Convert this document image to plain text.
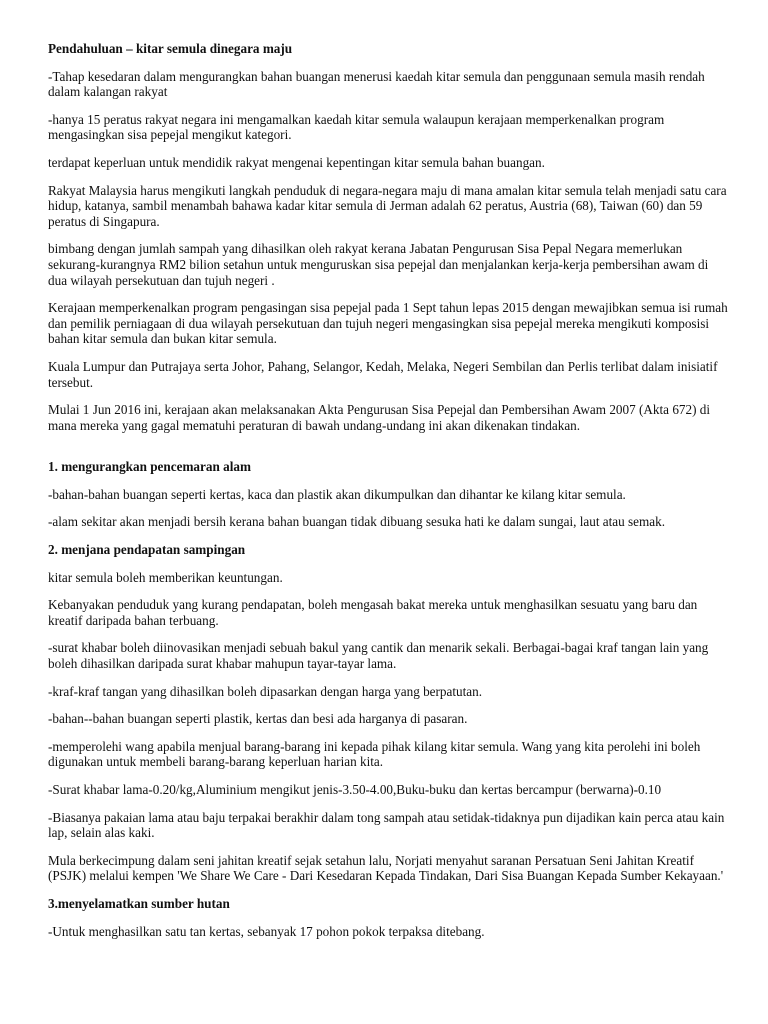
Pendahuluan – kitar semula dinegara maju

-Tahap kesedaran dalam mengurangkan bahan buangan menerusi kaedah kitar semula dan penggunaan semula masih rendah dalam kalangan rakyat

-hanya 15 peratus rakyat negara ini mengamalkan kaedah kitar semula walaupun kerajaan memperkenalkan program mengasingkan sisa pepejal mengikut kategori.

terdapat keperluan untuk mendidik rakyat mengenai kepentingan kitar semula bahan buangan.

Rakyat Malaysia harus mengikuti langkah penduduk di negara-negara maju di mana amalan kitar semula telah menjadi satu cara hidup, katanya, sambil menambah bahawa kadar kitar semula di Jerman adalah 62 peratus, Austria (68), Taiwan (60) dan 59 peratus di Singapura.

bimbang dengan jumlah sampah yang dihasilkan oleh rakyat kerana Jabatan Pengurusan Sisa Pepal Negara memerlukan sekurang-kurangnya RM2 bilion setahun untuk menguruskan sisa pepejal dan menjalankan kerja-kerja pembersihan awam di dua wilayah persekutuan dan tujuh negeri .

Kerajaan memperkenalkan program pengasingan sisa pepejal pada 1 Sept tahun lepas 2015 dengan mewajibkan semua isi rumah dan pemilik perniagaan di dua wilayah persekutuan dan tujuh negeri mengasingkan sisa pepejal mereka mengikuti komposisi bahan kitar semula dan bukan kitar semula.

Kuala Lumpur dan Putrajaya serta Johor, Pahang, Selangor, Kedah, Melaka, Negeri Sembilan dan Perlis terlibat dalam inisiatif tersebut.

Mulai 1 Jun 2016 ini, kerajaan akan melaksanakan Akta Pengurusan Sisa Pepejal dan Pembersihan Awam 2007 (Akta 672) di mana mereka yang gagal mematuhi peraturan di bawah undang-undang ini akan dikenakan tindakan.

1. mengurangkan pencemaran alam

-bahan-bahan buangan seperti kertas, kaca dan plastik akan dikumpulkan dan dihantar ke kilang kitar semula.

-alam sekitar akan menjadi bersih kerana bahan buangan tidak dibuang sesuka hati ke dalam sungai, laut atau semak.

2. menjana pendapatan sampingan

kitar semula boleh memberikan keuntungan.

Kebanyakan penduduk yang kurang pendapatan, boleh mengasah bakat mereka untuk menghasilkan sesuatu yang baru dan kreatif daripada bahan terbuang.

-surat khabar boleh diinovasikan menjadi sebuah bakul yang cantik dan menarik sekali. Berbagai-bagai kraf tangan lain yang boleh dihasilkan daripada surat khabar mahupun tayar-tayar lama.

-kraf-kraf tangan yang dihasilkan boleh dipasarkan dengan harga yang berpatutan.

-bahan--bahan buangan seperti plastik, kertas dan besi ada harganya di pasaran.

-memperolehi wang apabila menjual barang-barang ini kepada pihak kilang kitar semula. Wang yang kita perolehi ini boleh digunakan untuk membeli barang-barang keperluan harian kita.

-Surat khabar lama-0.20/kg,Aluminium mengikut jenis-3.50-4.00,Buku-buku dan kertas bercampur (berwarna)-0.10

-Biasanya pakaian lama atau baju terpakai berakhir dalam tong sampah atau setidak-tidaknya pun dijadikan kain perca atau kain lap, selain alas kaki.

Mula berkecimpung dalam seni jahitan kreatif sejak setahun lalu, Norjati menyahut saranan Persatuan Seni Jahitan Kreatif (PSJK) melalui kempen 'We Share We Care - Dari Kesedaran Kepada Tindakan, Dari Sisa Buangan Kepada Sumber Kekayaan.'

3.menyelamatkan sumber hutan

-Untuk menghasilkan satu tan kertas, sebanyak 17 pohon pokok terpaksa ditebang.
